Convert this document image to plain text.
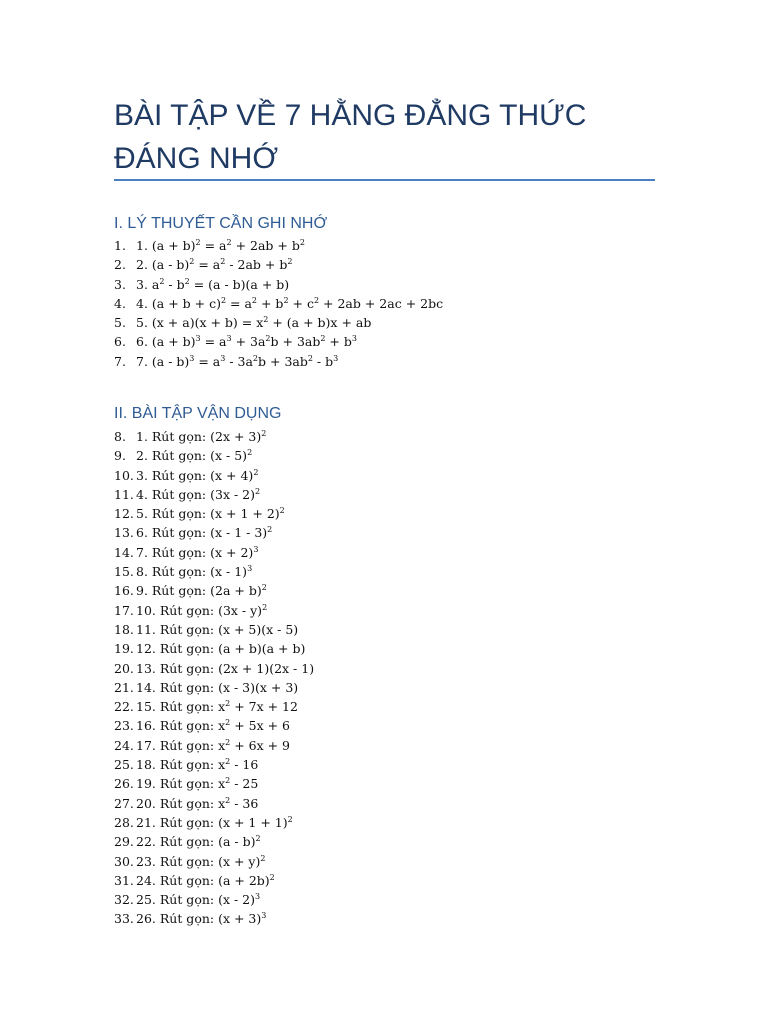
BÀI TẬP VỀ 7 HẰNG ĐẲNG THỨC ĐÁNG NHỚ
I. LÝ THUYẾT CẦN GHI NHỚ
1. 1. $(a + b)^2 = a^2 + 2ab + b^2$
2. 2. $(a - b)^2 = a^2 - 2ab + b^2$
3. 3. $a^2 - b^2 = (a - b)(a + b)$
4. 4. $(a + b + c)^2 = a^2 + b^2 + c^2 + 2ab + 2ac + 2bc$
5. 5. $(x + a)(x + b) = x^2 + (a + b)x$ + ab
6. 6. $(a + b)^3 = a^3 + 3a^2b + 3ab^2 + b^3$
7. 7. $(a - b)^3 = a^3 - 3a^2b + 3ab^2 - b^3$
II. BÀI TẬP VẬN DỤNG
8. 1. Rút gọn: $(2x + 3)^2$
9. 2. Rút gọn: (x - 5)$^2$
10. 3. Rút gọn: $(x + 4)^2$
11. 4. Rút gọn: (3x - 2)$^2$
12. 5. Rút gọn: $(x + 1 + 2)^2$
13. 6. Rút gọn: (x - 1 - 3)$^2$
14. 7. Rút gọn: $(x + 2)^3$
15. 8. Rút gọn: (x - 1)$^3$
16. 9. Rút gọn: $(2a + b)^2$
17. 10. Rút gọn: (3x - y)$^2$
18. 11. Rút gọn: (x + 5)(x - 5)
19. 12. Rút gọn: (a + b)(a + b)
20. 13. Rút gọn: (2x + 1)(2x - 1)
21. 14. Rút gọn: (x - 3)(x + 3)
22. 15. Rút gọn: $x^2 + 7x + 12$
23. 16. Rút gọn: $x^2 + 5x + 6$
24. 17. Rút gọn: $x^2 + 6x + 9$
25. 18. Rút gọn: $x^2 - 16$
26. 19. Rút gọn: $x^2 - 25$
27. 20. Rút gọn: $x^2 - 36$
28. 21. Rút gọn: $(x + 1 + 1)^2$
29. 22. Rút gọn: (a - b)$^2$
30. 23. Rút gọn: $(x + y)^2$
31. 24. Rút gọn: $(a + 2b)^2$
32. 25. Rút gọn: (x - 2)$^3$
33. 26. Rút gọn: $(x + 3)^3$
